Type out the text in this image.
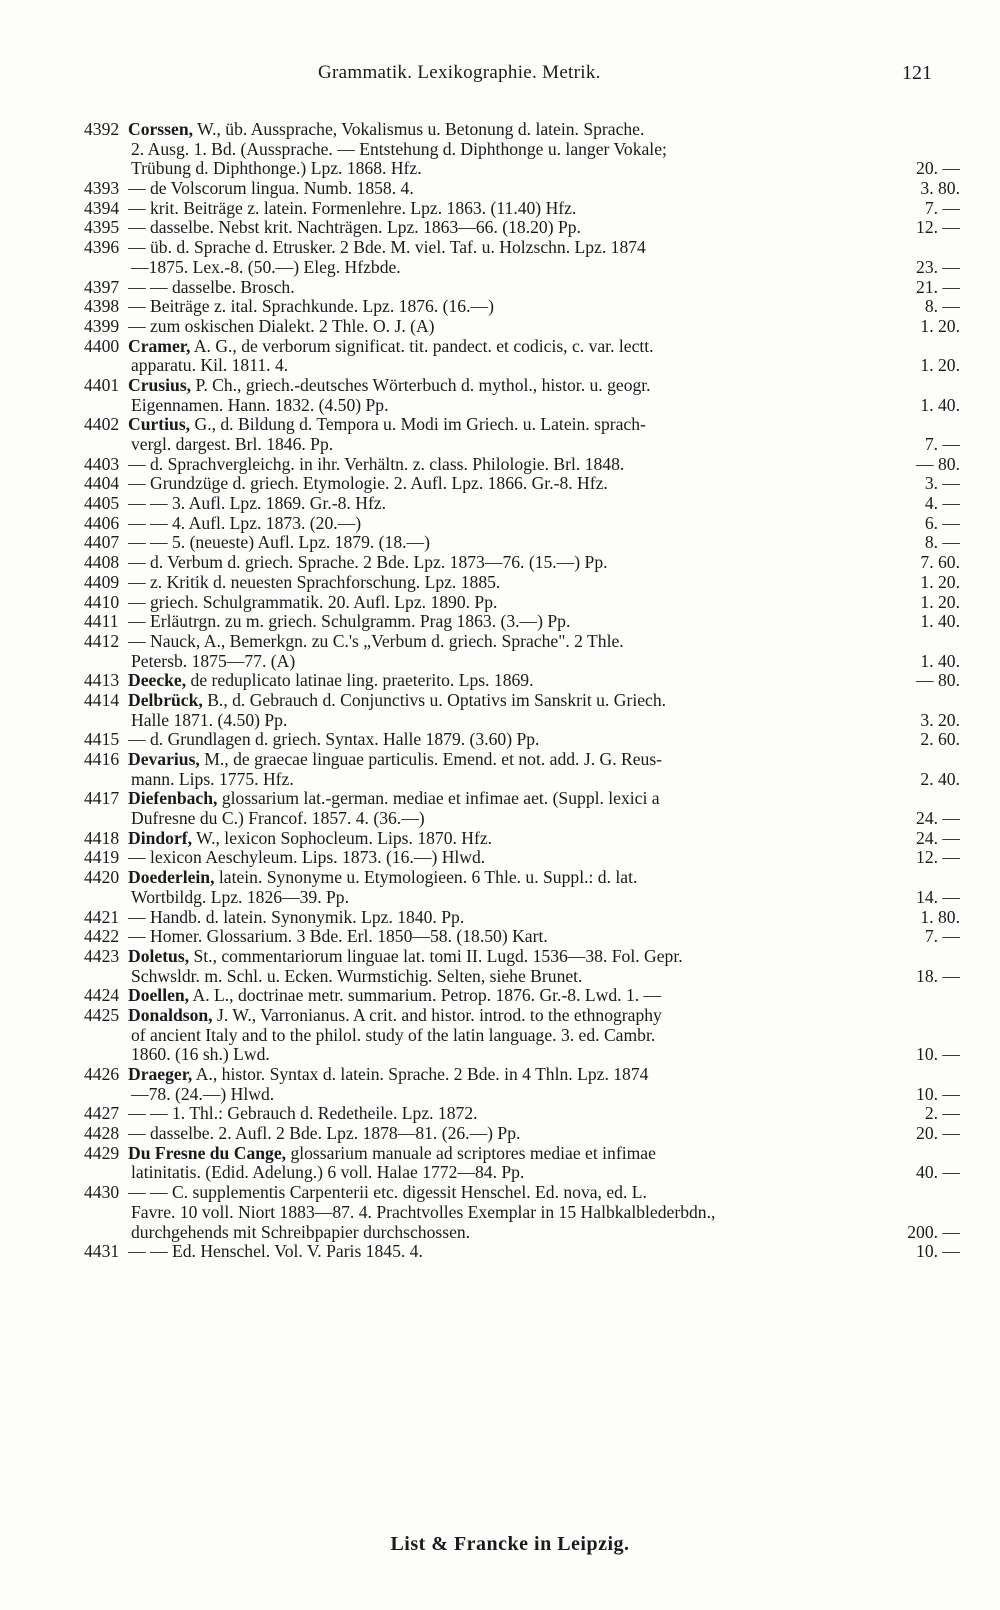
Grammatik. Lexikographie. Metrik.	121
4392 Corssen, W., üb. Aussprache, Vokalismus u. Betonung d. latein. Sprache.
2. Ausg. 1. Bd. (Aussprache. — Entstehung d. Diphthonge u. langer Vokale;
Trübung d. Diphthonge.) Lpz. 1868. Hfz.	20. —
4393 — de Volscorum lingua. Numb. 1858. 4.	3. 80.
4394 — krit. Beiträge z. latein. Formenlehre. Lpz. 1863. (11.40) Hfz.	7. —
4395 — dasselbe. Nebst krit. Nachträgen. Lpz. 1863—66. (18.20) Pp.	12. —
4396 — üb. d. Sprache d. Etrusker. 2 Bde. M. viel. Taf. u. Holzschn. Lpz. 1874
—1875. Lex.-8. (50.—) Eleg. Hfzbde.	23. —
4397 — — dasselbe. Brosch.	21. —
4398 — Beiträge z. ital. Sprachkunde. Lpz. 1876. (16.—)	8. —
4399 — zum oskischen Dialekt. 2 Thle. O. J. (A)	1. 20.
4400 Cramer, A. G., de verborum significat. tit. pandect. et codicis, c. var. lectt.
apparatu. Kil. 1811. 4.	1. 20.
4401 Crusius, P. Ch., griech.-deutsches Wörterbuch d. mythol., histor. u. geogr.
Eigennamen. Hann. 1832. (4.50) Pp.	1. 40.
4402 Curtius, G., d. Bildung d. Tempora u. Modi im Griech. u. Latein. sprach-
vergl. dargest. Brl. 1846. Pp.	7. —
4403 — d. Sprachvergleichg. in ihr. Verhältn. z. class. Philologie. Brl. 1848.	— 80.
4404 — Grundzüge d. griech. Etymologie. 2. Aufl. Lpz. 1866. Gr.-8. Hfz.	3. —
4405 — — 3. Aufl. Lpz. 1869. Gr.-8. Hfz.	4. —
4406 — — 4. Aufl. Lpz. 1873. (20.—)	6. —
4407 — — 5. (neueste) Aufl. Lpz. 1879. (18.—)	8. —
4408 — d. Verbum d. griech. Sprache. 2 Bde. Lpz. 1873—76. (15.—) Pp.	7. 60.
4409 — z. Kritik d. neuesten Sprachforschung. Lpz. 1885.	1. 20.
4410 — griech. Schulgrammatik. 20. Aufl. Lpz. 1890. Pp.	1. 20.
4411 — Erläutrgn. zu m. griech. Schulgramm. Prag 1863. (3.—) Pp.	1. 40.
4412 — Nauck, A., Bemerkgn. zu C.'s „Verbum d. griech. Sprache". 2 Thle.
Petersb. 1875—77. (A)	1. 40.
4413 Deecke, de reduplicato latinae ling. praeterito. Lps. 1869.	— 80.
4414 Delbrück, B., d. Gebrauch d. Conjunctivs u. Optativs im Sanskrit u. Griech.
Halle 1871. (4.50) Pp.	3. 20.
4415 — d. Grundlagen d. griech. Syntax. Halle 1879. (3.60) Pp.	2. 60.
4416 Devarius, M., de graecae linguae particulis. Emend. et not. add. J. G. Reus-
mann. Lips. 1775. Hfz.	2. 40.
4417 Diefenbach, glossarium lat.-german. mediae et infimae aet. (Suppl. lexici a
Dufresne du C.) Francof. 1857. 4. (36.—)	24. —
4418 Dindorf, W., lexicon Sophocleum. Lips. 1870. Hfz.	24. —
4419 — lexicon Aeschyleum. Lips. 1873. (16.—) Hlwd.	12. —
4420 Doederlein, latein. Synonyme u. Etymologieen. 6 Thle. u. Suppl.: d. lat.
Wortbildg. Lpz. 1826—39. Pp.	14. —
4421 — Handb. d. latein. Synonymik. Lpz. 1840. Pp.	1. 80.
4422 — Homer. Glossarium. 3 Bde. Erl. 1850—58. (18.50) Kart.	7. —
4423 Doletus, St., commentariorum linguae lat. tomi II. Lugd. 1536—38. Fol. Gepr.
Schwsldr. m. Schl. u. Ecken. Wurmstichig. Selten, siehe Brunet.	18. —
4424 Doellen, A. L., doctrinae metr. summarium. Petrop. 1876. Gr.-8. Lwd. 1. —
4425 Donaldson, J. W., Varronianus. A crit. and histor. introd. to the ethnography
of ancient Italy and to the philol. study of the latin language. 3. ed. Cambr.
1860. (16 sh.) Lwd.	10. —
4426 Draeger, A., histor. Syntax d. latein. Sprache. 2 Bde. in 4 Thln. Lpz. 1874
—78. (24.—) Hlwd.	10. —
4427 — — 1. Thl.: Gebrauch d. Redetheile. Lpz. 1872.	2. —
4428 — dasselbe. 2. Aufl. 2 Bde. Lpz. 1878—81. (26.—) Pp.	20. —
4429 Du Fresne du Cange, glossarium manuale ad scriptores mediae et infimae
latinitatis. (Edid. Adelung.) 6 voll. Halae 1772—84. Pp.	40. —
4430 — — C. supplementis Carpenterii etc. digessit Henschel. Ed. nova, ed. L.
Favre. 10 voll. Niort 1883—87. 4. Prachtvolles Exemplar in 15 Halbkalblederbdn.,
durchgehends mit Schreibpapier durchschossen.	200. —
4431 — — Ed. Henschel. Vol. V. Paris 1845. 4.	10. —
List & Francke in Leipzig.
